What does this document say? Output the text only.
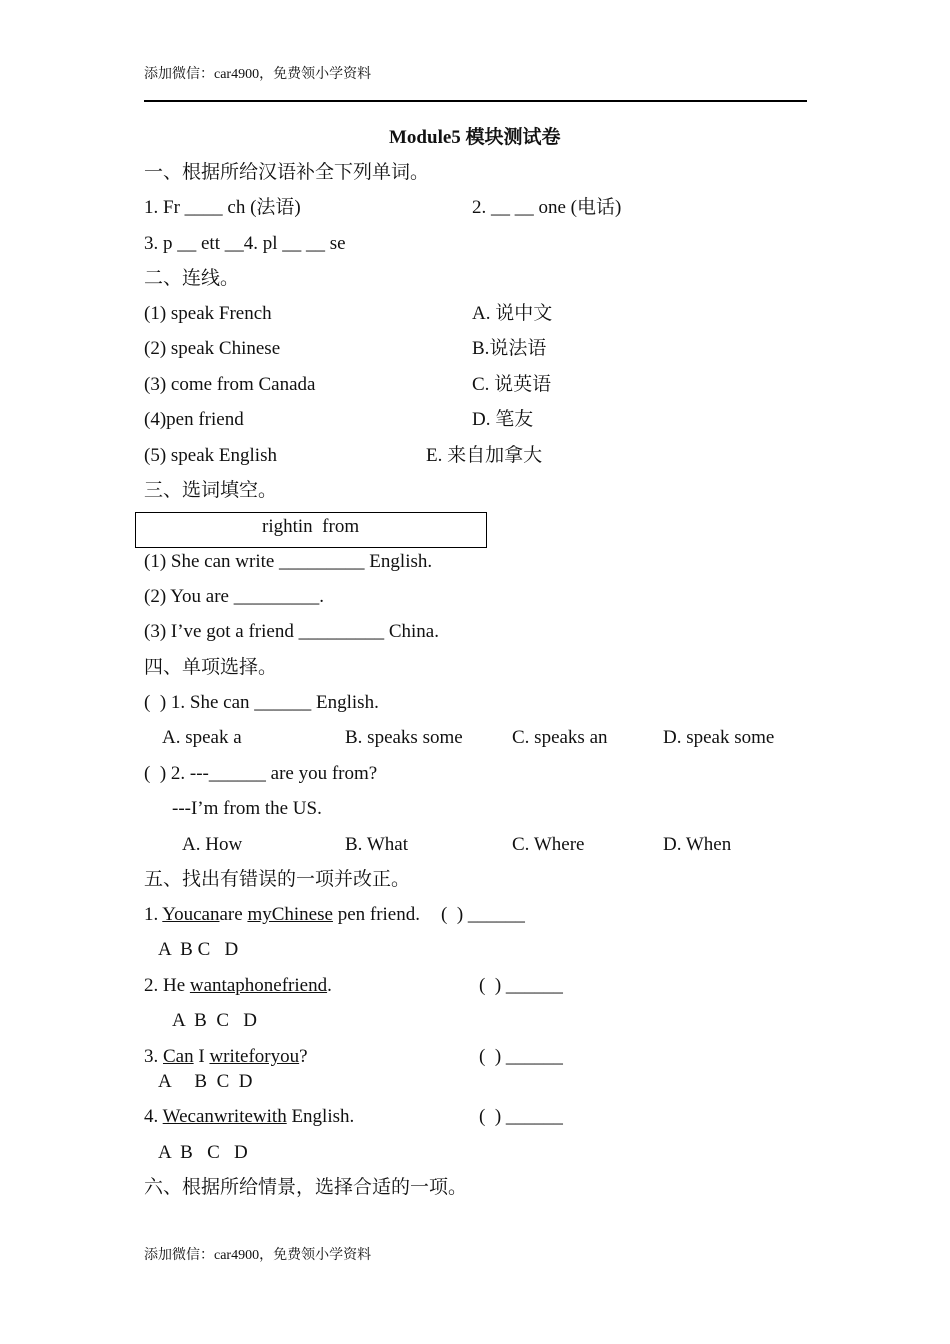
添加微信：car4900，免费领小学资料
Module5 模块测试卷
一、根据所给汉语补全下列单词。
1. Fr ____ ch (法语)	2. __ __ one (电话)
3. p __ ett __4. pl __ __ se
二、连线。
(1) speak French	A. 说中文
(2) speak Chinese	B.说法语
(3) come from Canada	C. 说英语
(4)pen friend	D. 笔友
(5) speak English	E. 来自加拿大
三、选词填空。
rightin  from
(1) She can write _________ English.
(2) You are _________.
(3) I’ve got a friend _________ China.
四、单项选择。
(  ) 1. She can ______ English.
A. speak a	B. speaks some	C. speaks an	D. speak some
(  ) 2. ---______ are you from?
---I’m from the US.
A. How	B. What	C. Where	D. When
五、找出有错误的一项并改正。
1. Youcanare myChinese pen friend. (  ) ______
A  B C   D
2. He wantaphonefriend.	(  ) ______
A  B  C   D
3. Can I writeforyou?	(  ) ______
A     B  C  D
4. Wecanwritewith English.	(  ) ______
A  B   C   D
六、根据所给情景，选择合适的一项。
添加微信：car4900，免费领小学资料
